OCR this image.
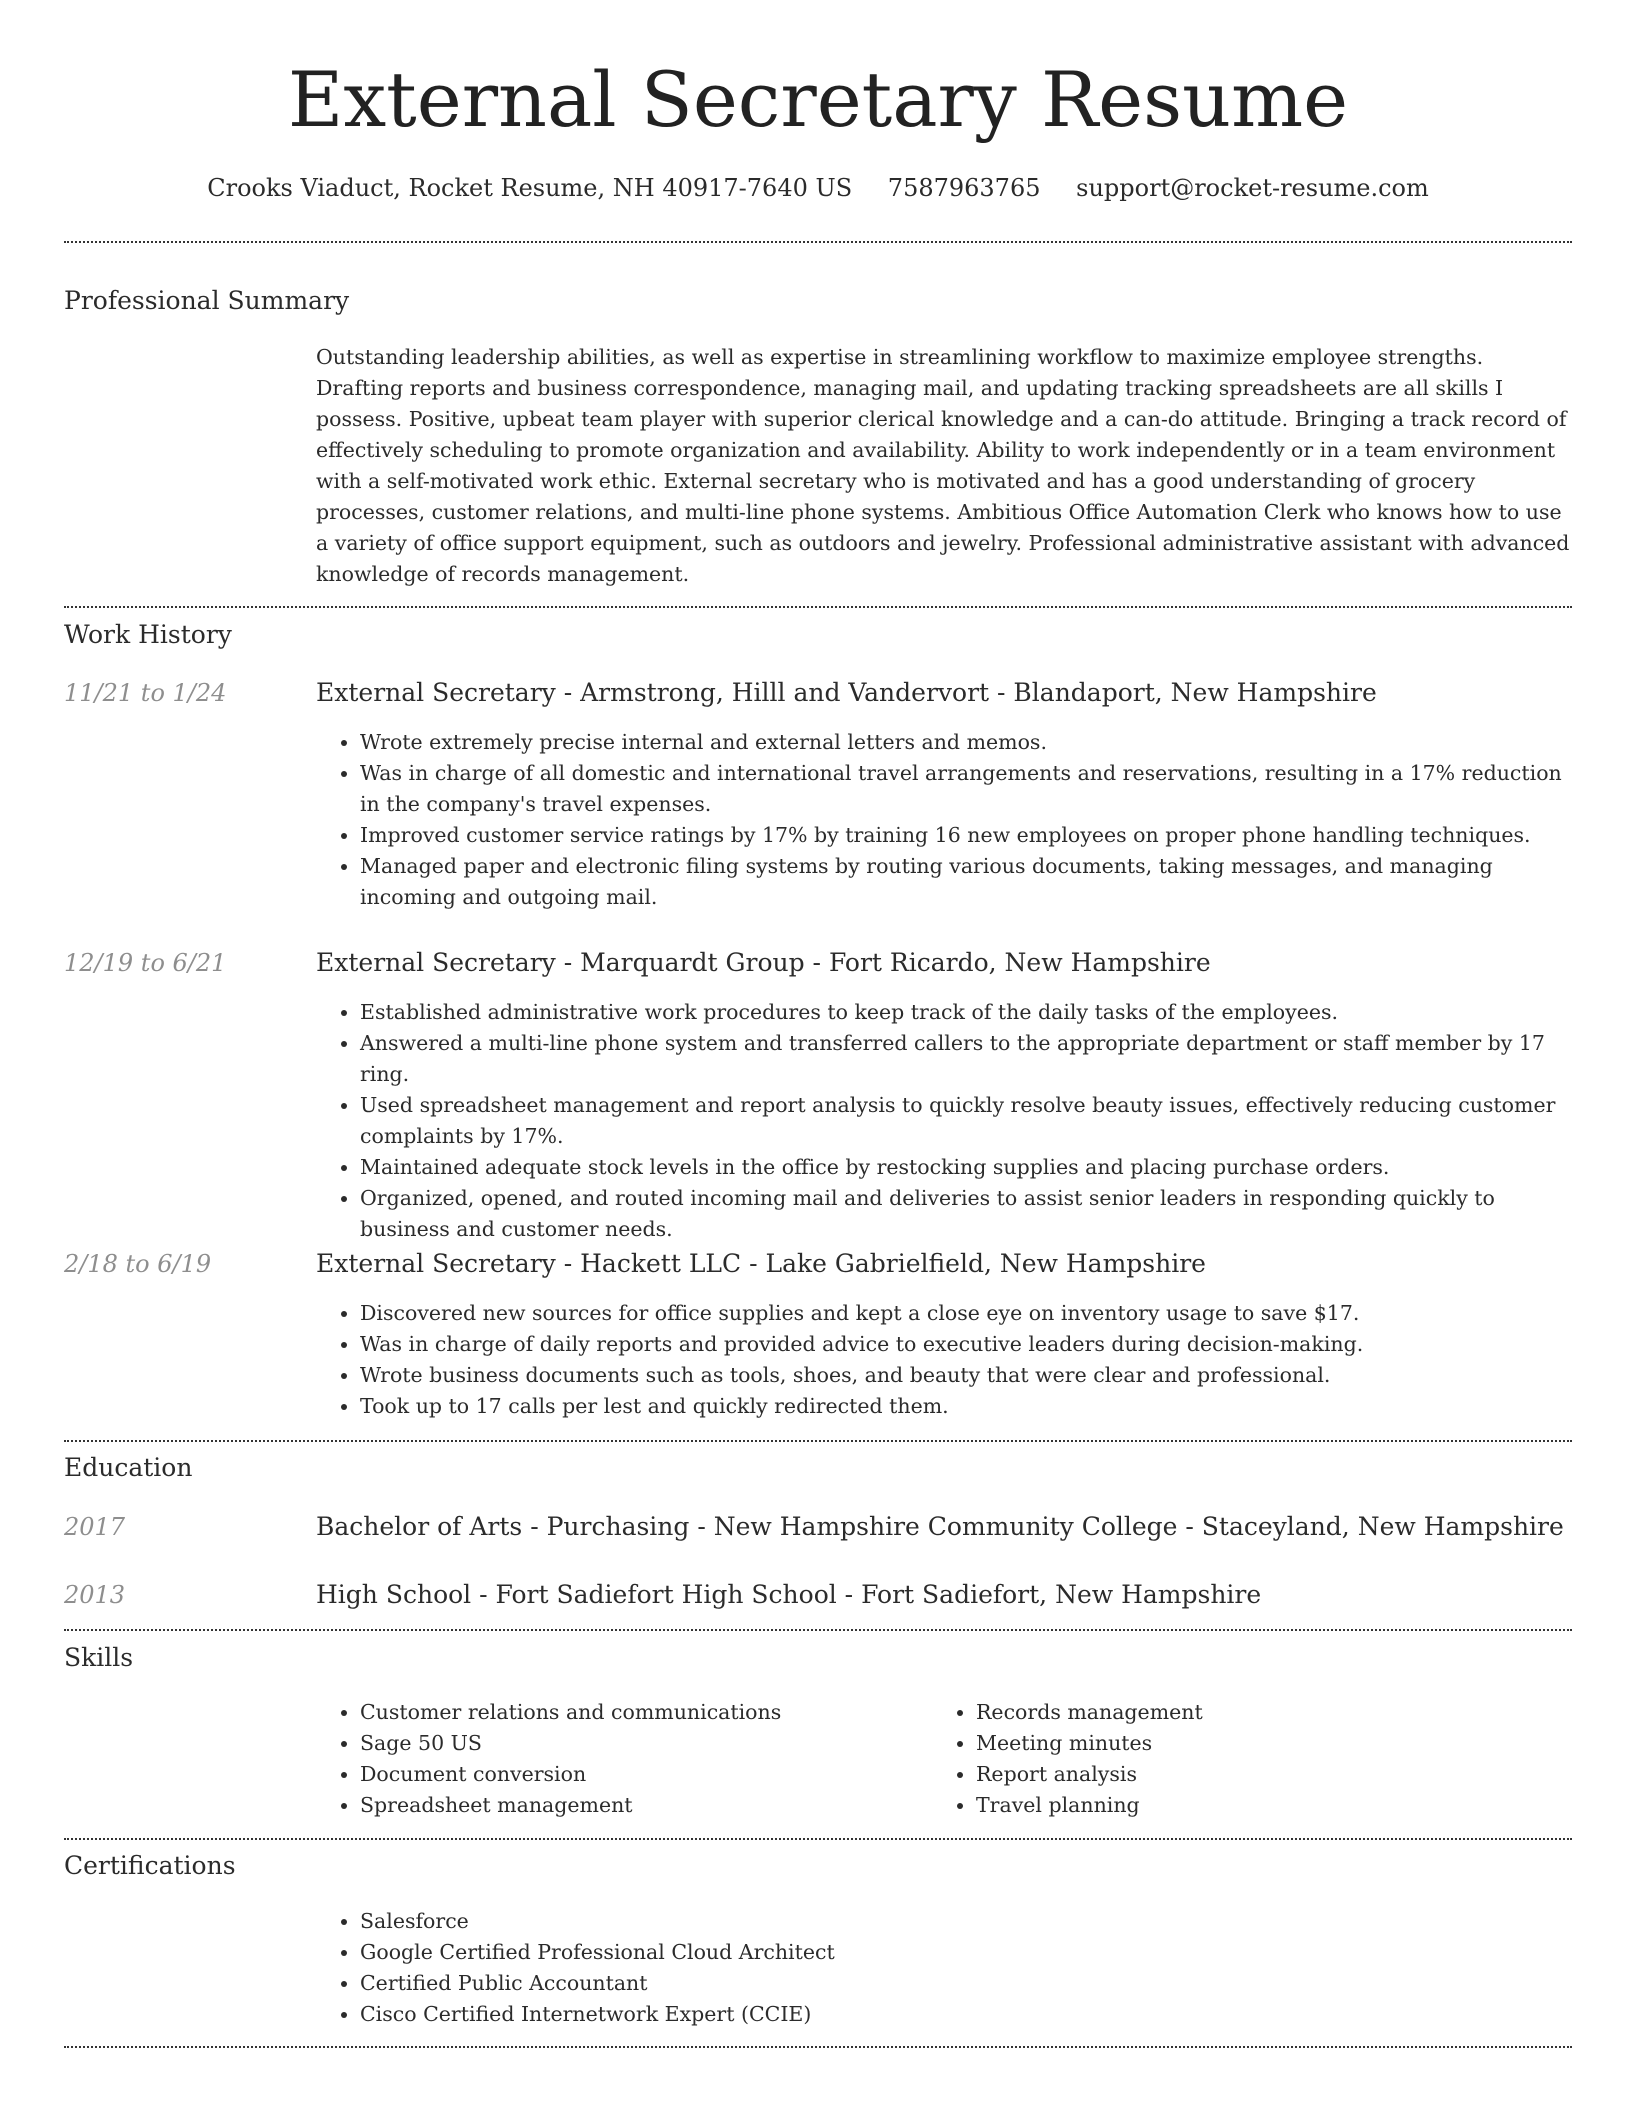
External Secretary Resume
Crooks Viaduct, Rocket Resume, NH 40917-7640 US 7587963765 support@rocket-resume.com
Professional Summary
Outstanding leadership abilities, as well as expertise in streamlining workflow to maximize employee strengths. Drafting reports and business correspondence, managing mail, and updating tracking spreadsheets are all skills I possess. Positive, upbeat team player with superior clerical knowledge and a can-do attitude. Bringing a track record of effectively scheduling to promote organization and availability. Ability to work independently or in a team environment with a self-motivated work ethic. External secretary who is motivated and has a good understanding of grocery processes, customer relations, and multi-line phone systems. Ambitious Office Automation Clerk who knows how to use a variety of office support equipment, such as outdoors and jewelry. Professional administrative assistant with advanced knowledge of records management.
Work History
11/21 to 1/24	External Secretary - Armstrong, Hilll and Vandervort - Blandaport, New Hampshire
• Wrote extremely precise internal and external letters and memos.
• Was in charge of all domestic and international travel arrangements and reservations, resulting in a 17% reduction in the company's travel expenses.
• Improved customer service ratings by 17% by training 16 new employees on proper phone handling techniques.
• Managed paper and electronic filing systems by routing various documents, taking messages, and managing incoming and outgoing mail.
12/19 to 6/21	External Secretary - Marquardt Group - Fort Ricardo, New Hampshire
• Established administrative work procedures to keep track of the daily tasks of the employees.
• Answered a multi-line phone system and transferred callers to the appropriate department or staff member by 17 ring.
• Used spreadsheet management and report analysis to quickly resolve beauty issues, effectively reducing customer complaints by 17%.
• Maintained adequate stock levels in the office by restocking supplies and placing purchase orders.
• Organized, opened, and routed incoming mail and deliveries to assist senior leaders in responding quickly to business and customer needs.
2/18 to 6/19	External Secretary - Hackett LLC - Lake Gabrielfield, New Hampshire
• Discovered new sources for office supplies and kept a close eye on inventory usage to save $17.
• Was in charge of daily reports and provided advice to executive leaders during decision-making.
• Wrote business documents such as tools, shoes, and beauty that were clear and professional.
• Took up to 17 calls per lest and quickly redirected them.
Education
2017	Bachelor of Arts - Purchasing - New Hampshire Community College - Staceyland, New Hampshire
2013	High School - Fort Sadiefort High School - Fort Sadiefort, New Hampshire
Skills
• Customer relations and communications
• Sage 50 US
• Document conversion
• Spreadsheet management
• Records management
• Meeting minutes
• Report analysis
• Travel planning
Certifications
• Salesforce
• Google Certified Professional Cloud Architect
• Certified Public Accountant
• Cisco Certified Internetwork Expert (CCIE)
